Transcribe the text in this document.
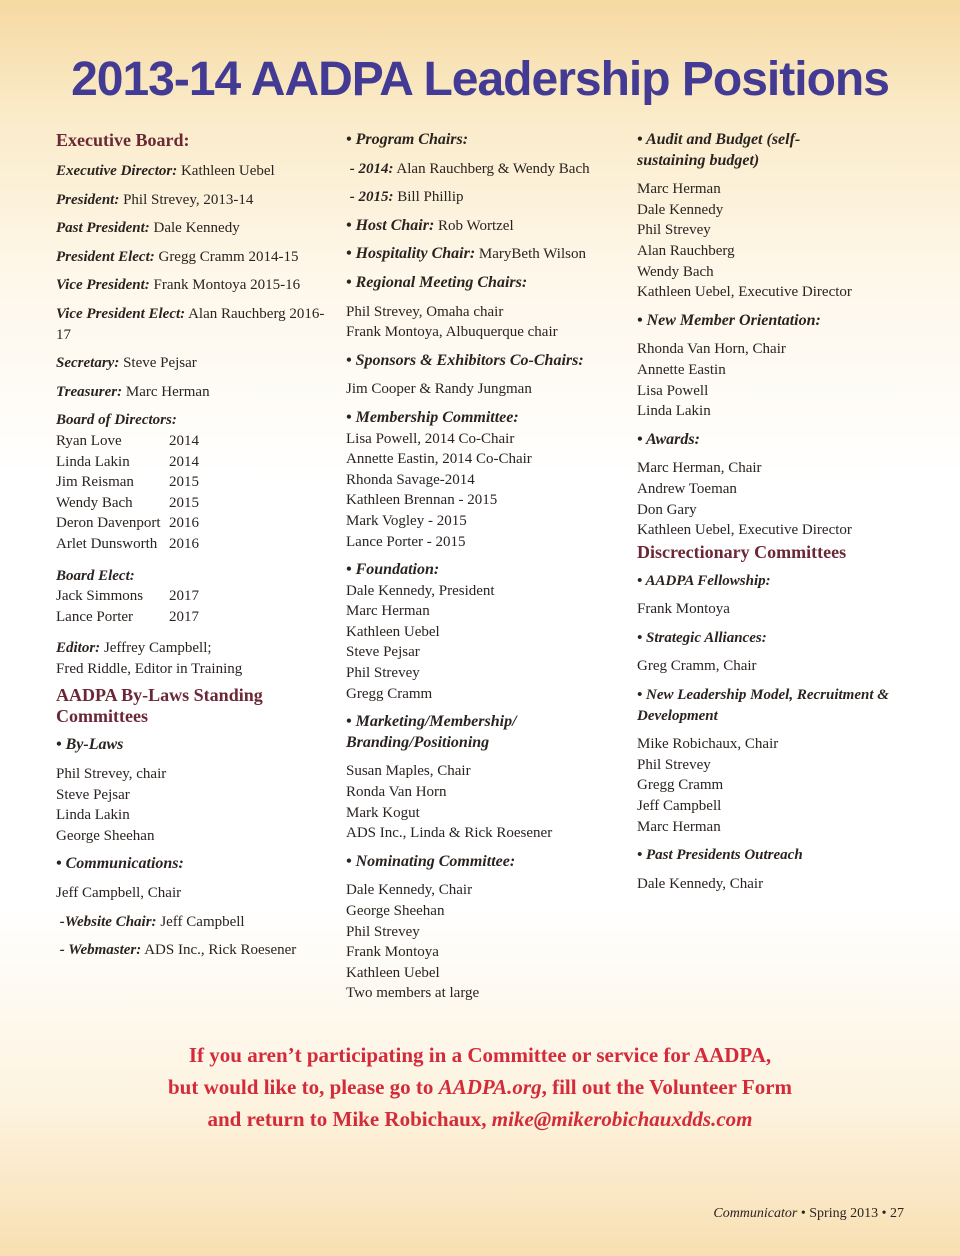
2013-14 AADPA Leadership Positions
Executive Board:
Executive Director: Kathleen Uebel
President: Phil Strevey, 2013-14
Past President: Dale Kennedy
President Elect: Gregg Cramm 2014-15
Vice President: Frank Montoya 2015-16
Vice President Elect: Alan Rauchberg 2016-17
Secretary: Steve Pejsar
Treasurer: Marc Herman
Board of Directors:
Ryan Love	2014
Linda Lakin	2014
Jim Reisman	2015
Wendy Bach	2015
Deron Davenport 2016
Arlet Dunsworth 2016
Board Elect:
Jack Simmons	2017
Lance Porter	2017
Editor: Jeffrey Campbell;
Fred Riddle, Editor in Training
AADPA By-Laws Standing Committees
• By-Laws
Phil Strevey, chair
Steve Pejsar
Linda Lakin
George Sheehan
• Communications:
Jeff Campbell, Chair
-Website Chair: Jeff Campbell
- Webmaster: ADS Inc., Rick Roesener
• Program Chairs:
- 2014: Alan Rauchberg & Wendy Bach
- 2015: Bill Phillip
• Host Chair: Rob Wortzel
• Hospitality Chair: MaryBeth Wilson
• Regional Meeting Chairs:
Phil Strevey, Omaha chair
Frank Montoya, Albuquerque chair
• Sponsors & Exhibitors Co-Chairs:
Jim Cooper & Randy Jungman
• Membership Committee:
Lisa Powell, 2014 Co-Chair
Annette Eastin, 2014 Co-Chair
Rhonda Savage-2014
Kathleen Brennan - 2015
Mark Vogley - 2015
Lance Porter - 2015
• Foundation:
Dale Kennedy, President
Marc Herman
Kathleen Uebel
Steve Pejsar
Phil Strevey
Gregg Cramm
• Marketing/Membership/ Branding/Positioning
Susan Maples, Chair
Ronda Van Horn
Mark Kogut
ADS Inc., Linda & Rick Roesener
• Nominating Committee:
Dale Kennedy, Chair
George Sheehan
Phil Strevey
Frank Montoya
Kathleen Uebel
Two members at large
• Audit and Budget (self-sustaining budget)
Marc Herman
Dale Kennedy
Phil Strevey
Alan Rauchberg
Wendy Bach
Kathleen Uebel, Executive Director
• New Member Orientation:
Rhonda Van Horn, Chair
Annette Eastin
Lisa Powell
Linda Lakin
• Awards:
Marc Herman, Chair
Andrew Toeman
Don Gary
Kathleen Uebel, Executive Director
Discrectionary Committees
• AADPA Fellowship:
Frank Montoya
• Strategic Alliances:
Greg Cramm, Chair
• New Leadership Model, Recruitment & Development
Mike Robichaux, Chair
Phil Strevey
Gregg Cramm
Jeff Campbell
Marc Herman
• Past Presidents Outreach
Dale Kennedy, Chair
If you aren’t participating in a Committee or service for AADPA,
but would like to, please go to AADPA.org, fill out the Volunteer Form
and return to Mike Robichaux, mike@mikerobichauxdds.com
Communicator • Spring 2013 • 27
